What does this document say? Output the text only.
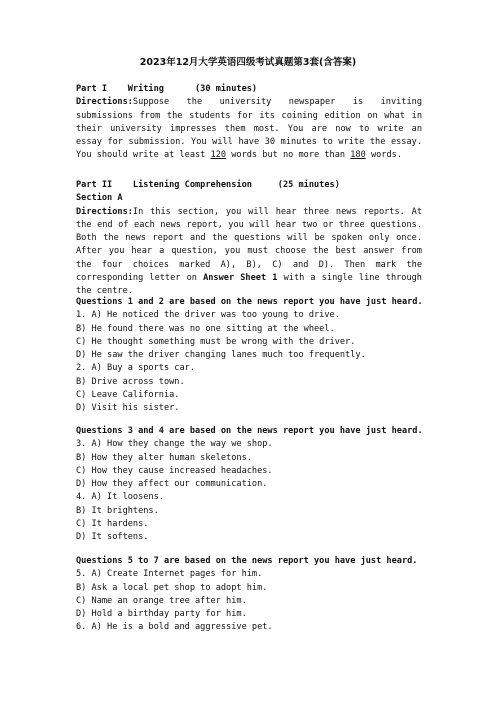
2023年12月大学英语四级考试真题第3套(含答案)
Part I    Writing      (30 minutes)
Directions:Suppose the university newspaper is inviting submissions from the students for its coining edition on what in their university impresses them most. You are now to write an essay for submission. You will have 30 minutes to write the essay. You should write at least 120 words but no more than 180 words.
Part II    Listening Comprehension     (25 minutes)
Section A
Directions:In this section, you will hear three news reports. At the end of each news report, you will hear two or three questions. Both the news report and the questions will be spoken only once. After you hear a question, you must choose the best answer from the four choices marked A), B), C) and D). Then mark the corresponding letter on Answer Sheet 1 with a single line through the centre.
Questions 1 and 2 are based on the news report you have just heard.
1. A) He noticed the driver was too young to drive.
B) He found there was no one sitting at the wheel.
C) He thought something must be wrong with the driver.
D) He saw the driver changing lanes much too frequently.
2. A) Buy a sports car.
B) Drive across town.
C) Leave California.
D) Visit his sister.
Questions 3 and 4 are based on the news report you have just heard.
3. A) How they change the way we shop.
B) How they alter human skeletons.
C) How they cause increased headaches.
D) How they affect our communication.
4. A) It loosens.
B) It brightens.
C) It hardens.
D) It softens.
Questions 5 to 7 are based on the news report you have just heard.
5. A) Create Internet pages for him.
B) Ask a local pet shop to adopt him.
C) Name an orange tree after him.
D) Hold a birthday party for him.
6. A) He is a bold and aggressive pet.
